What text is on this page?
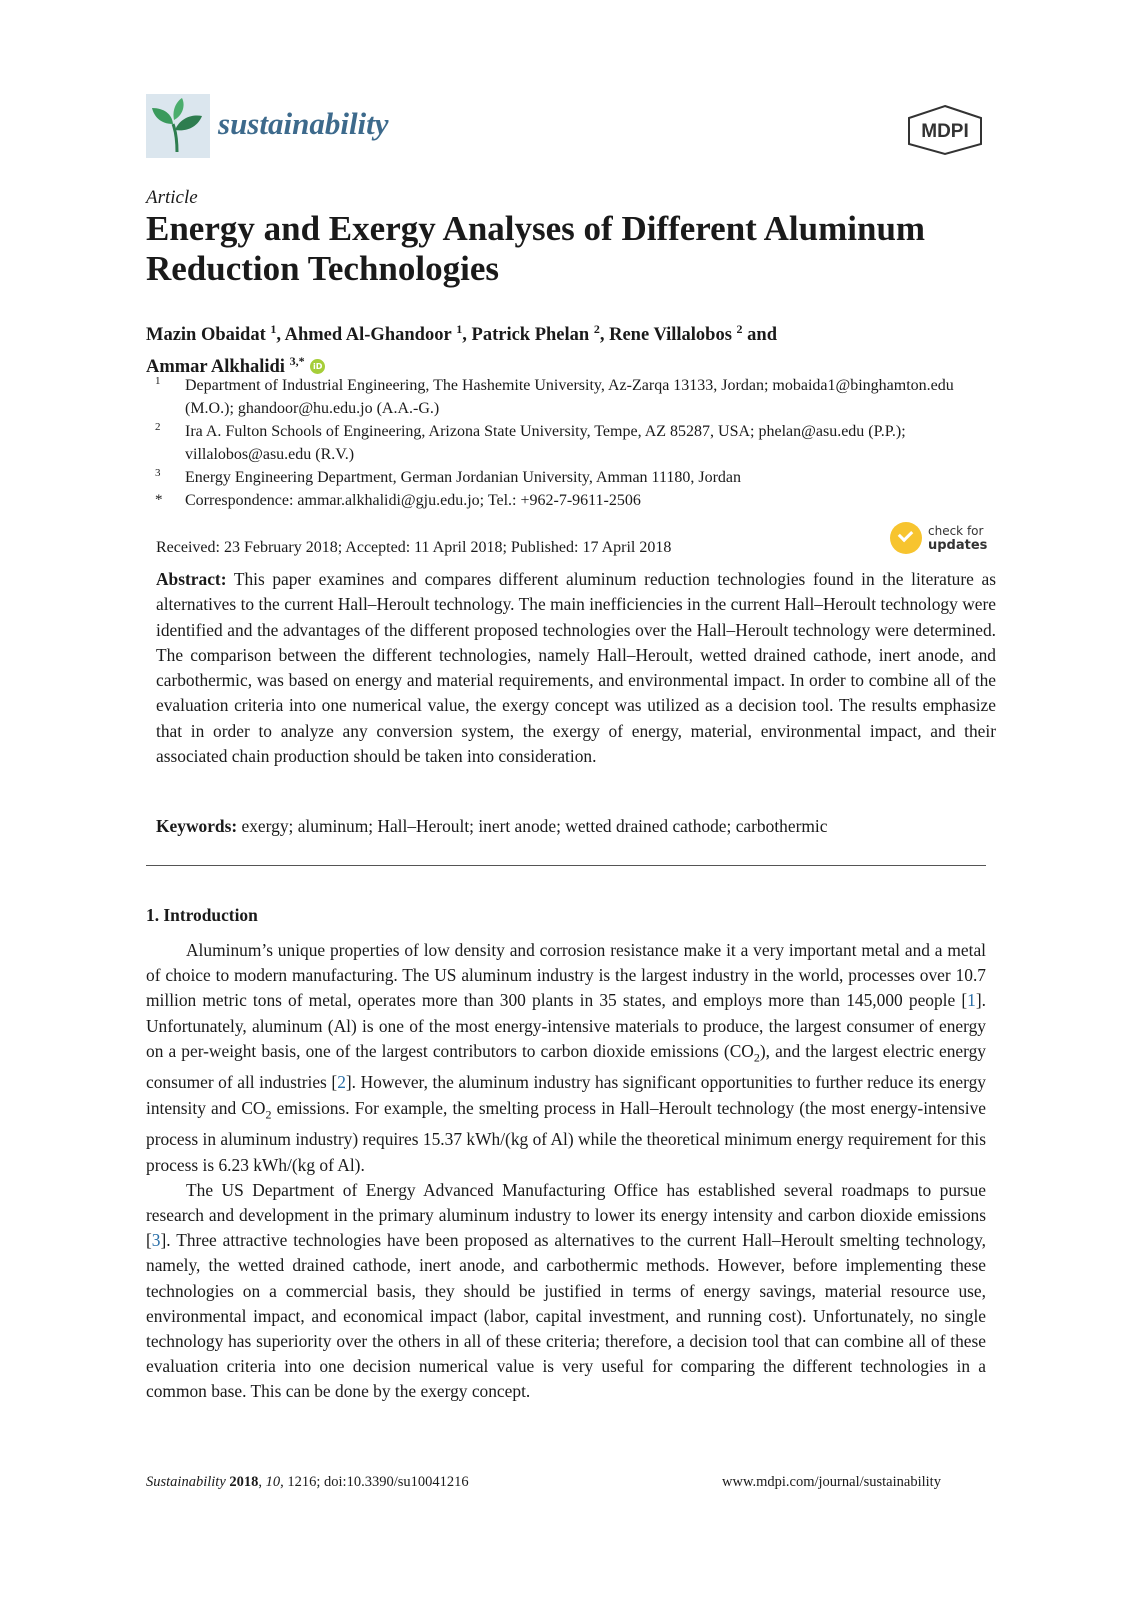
sustainability	MDPI
Article
Energy and Exergy Analyses of Different Aluminum Reduction Technologies
Mazin Obaidat $^1$, Ahmed Al-Ghandoor $^1$, Patrick Phelan $^2$, Rene Villalobos $^2$ and
Ammar Alkhalidi $^{3,*}$ iD
1	Department of Industrial Engineering, The Hashemite University, Az-Zarqa 13133, Jordan; mobaida1@binghamton.edu (M.O.); ghandoor@hu.edu.jo (A.A.-G.)
2	Ira A. Fulton Schools of Engineering, Arizona State University, Tempe, AZ 85287, USA; phelan@asu.edu (P.P.); villalobos@asu.edu (R.V.)
3	Energy Engineering Department, German Jordanian University, Amman 11180, Jordan
*	Correspondence: ammar.alkhalidi@gju.edu.jo; Tel.: +962-7-9611-2506
Received: 23 February 2018; Accepted: 11 April 2018; Published: 17 April 2018
check for
updates
Abstract: This paper examines and compares different aluminum reduction technologies found in the literature as alternatives to the current Hall–Heroult technology. The main inefficiencies in the current Hall–Heroult technology were identified and the advantages of the different proposed technologies over the Hall–Heroult technology were determined. The comparison between the different technologies, namely Hall–Heroult, wetted drained cathode, inert anode, and carbothermic, was based on energy and material requirements, and environmental impact. In order to combine all of the evaluation criteria into one numerical value, the exergy concept was utilized as a decision tool. The results emphasize that in order to analyze any conversion system, the exergy of energy, material, environmental impact, and their associated chain production should be taken into consideration.
Keywords: exergy; aluminum; Hall–Heroult; inert anode; wetted drained cathode; carbothermic
1. Introduction

Aluminum’s unique properties of low density and corrosion resistance make it a very important metal and a metal of choice to modern manufacturing. The US aluminum industry is the largest industry in the world, processes over 10.7 million metric tons of metal, operates more than 300 plants in 35 states, and employs more than 145,000 people [1]. Unfortunately, aluminum (Al) is one of the most energy-intensive materials to produce, the largest consumer of energy on a per-weight basis, one of the largest contributors to carbon dioxide emissions $(CO_2)$, and the largest electric energy consumer of all industries [2]. However, the aluminum industry has significant opportunities to further reduce its energy intensity and $CO_2$ emissions. For example, the smelting process in Hall–Heroult technology (the most energy-intensive process in aluminum industry) requires 15.37 kWh/(kg of Al) while the theoretical minimum energy requirement for this process is 6.23 kWh/(kg of Al).

The US Department of Energy Advanced Manufacturing Office has established several roadmaps to pursue research and development in the primary aluminum industry to lower its energy intensity and carbon dioxide emissions [3]. Three attractive technologies have been proposed as alternatives to the current Hall–Heroult smelting technology, namely, the wetted drained cathode, inert anode, and carbothermic methods. However, before implementing these technologies on a commercial basis, they should be justified in terms of energy savings, material resource use, environmental impact, and economical impact (labor, capital investment, and running cost). Unfortunately, no single technology has superiority over the others in all of these criteria; therefore, a decision tool that can combine all of these evaluation criteria into one decision numerical value is very useful for comparing the different technologies in a common base. This can be done by the exergy concept.

Sustainability 2018, 10, 1216; doi:10.3390/su10041216	www.mdpi.com/journal/sustainability
